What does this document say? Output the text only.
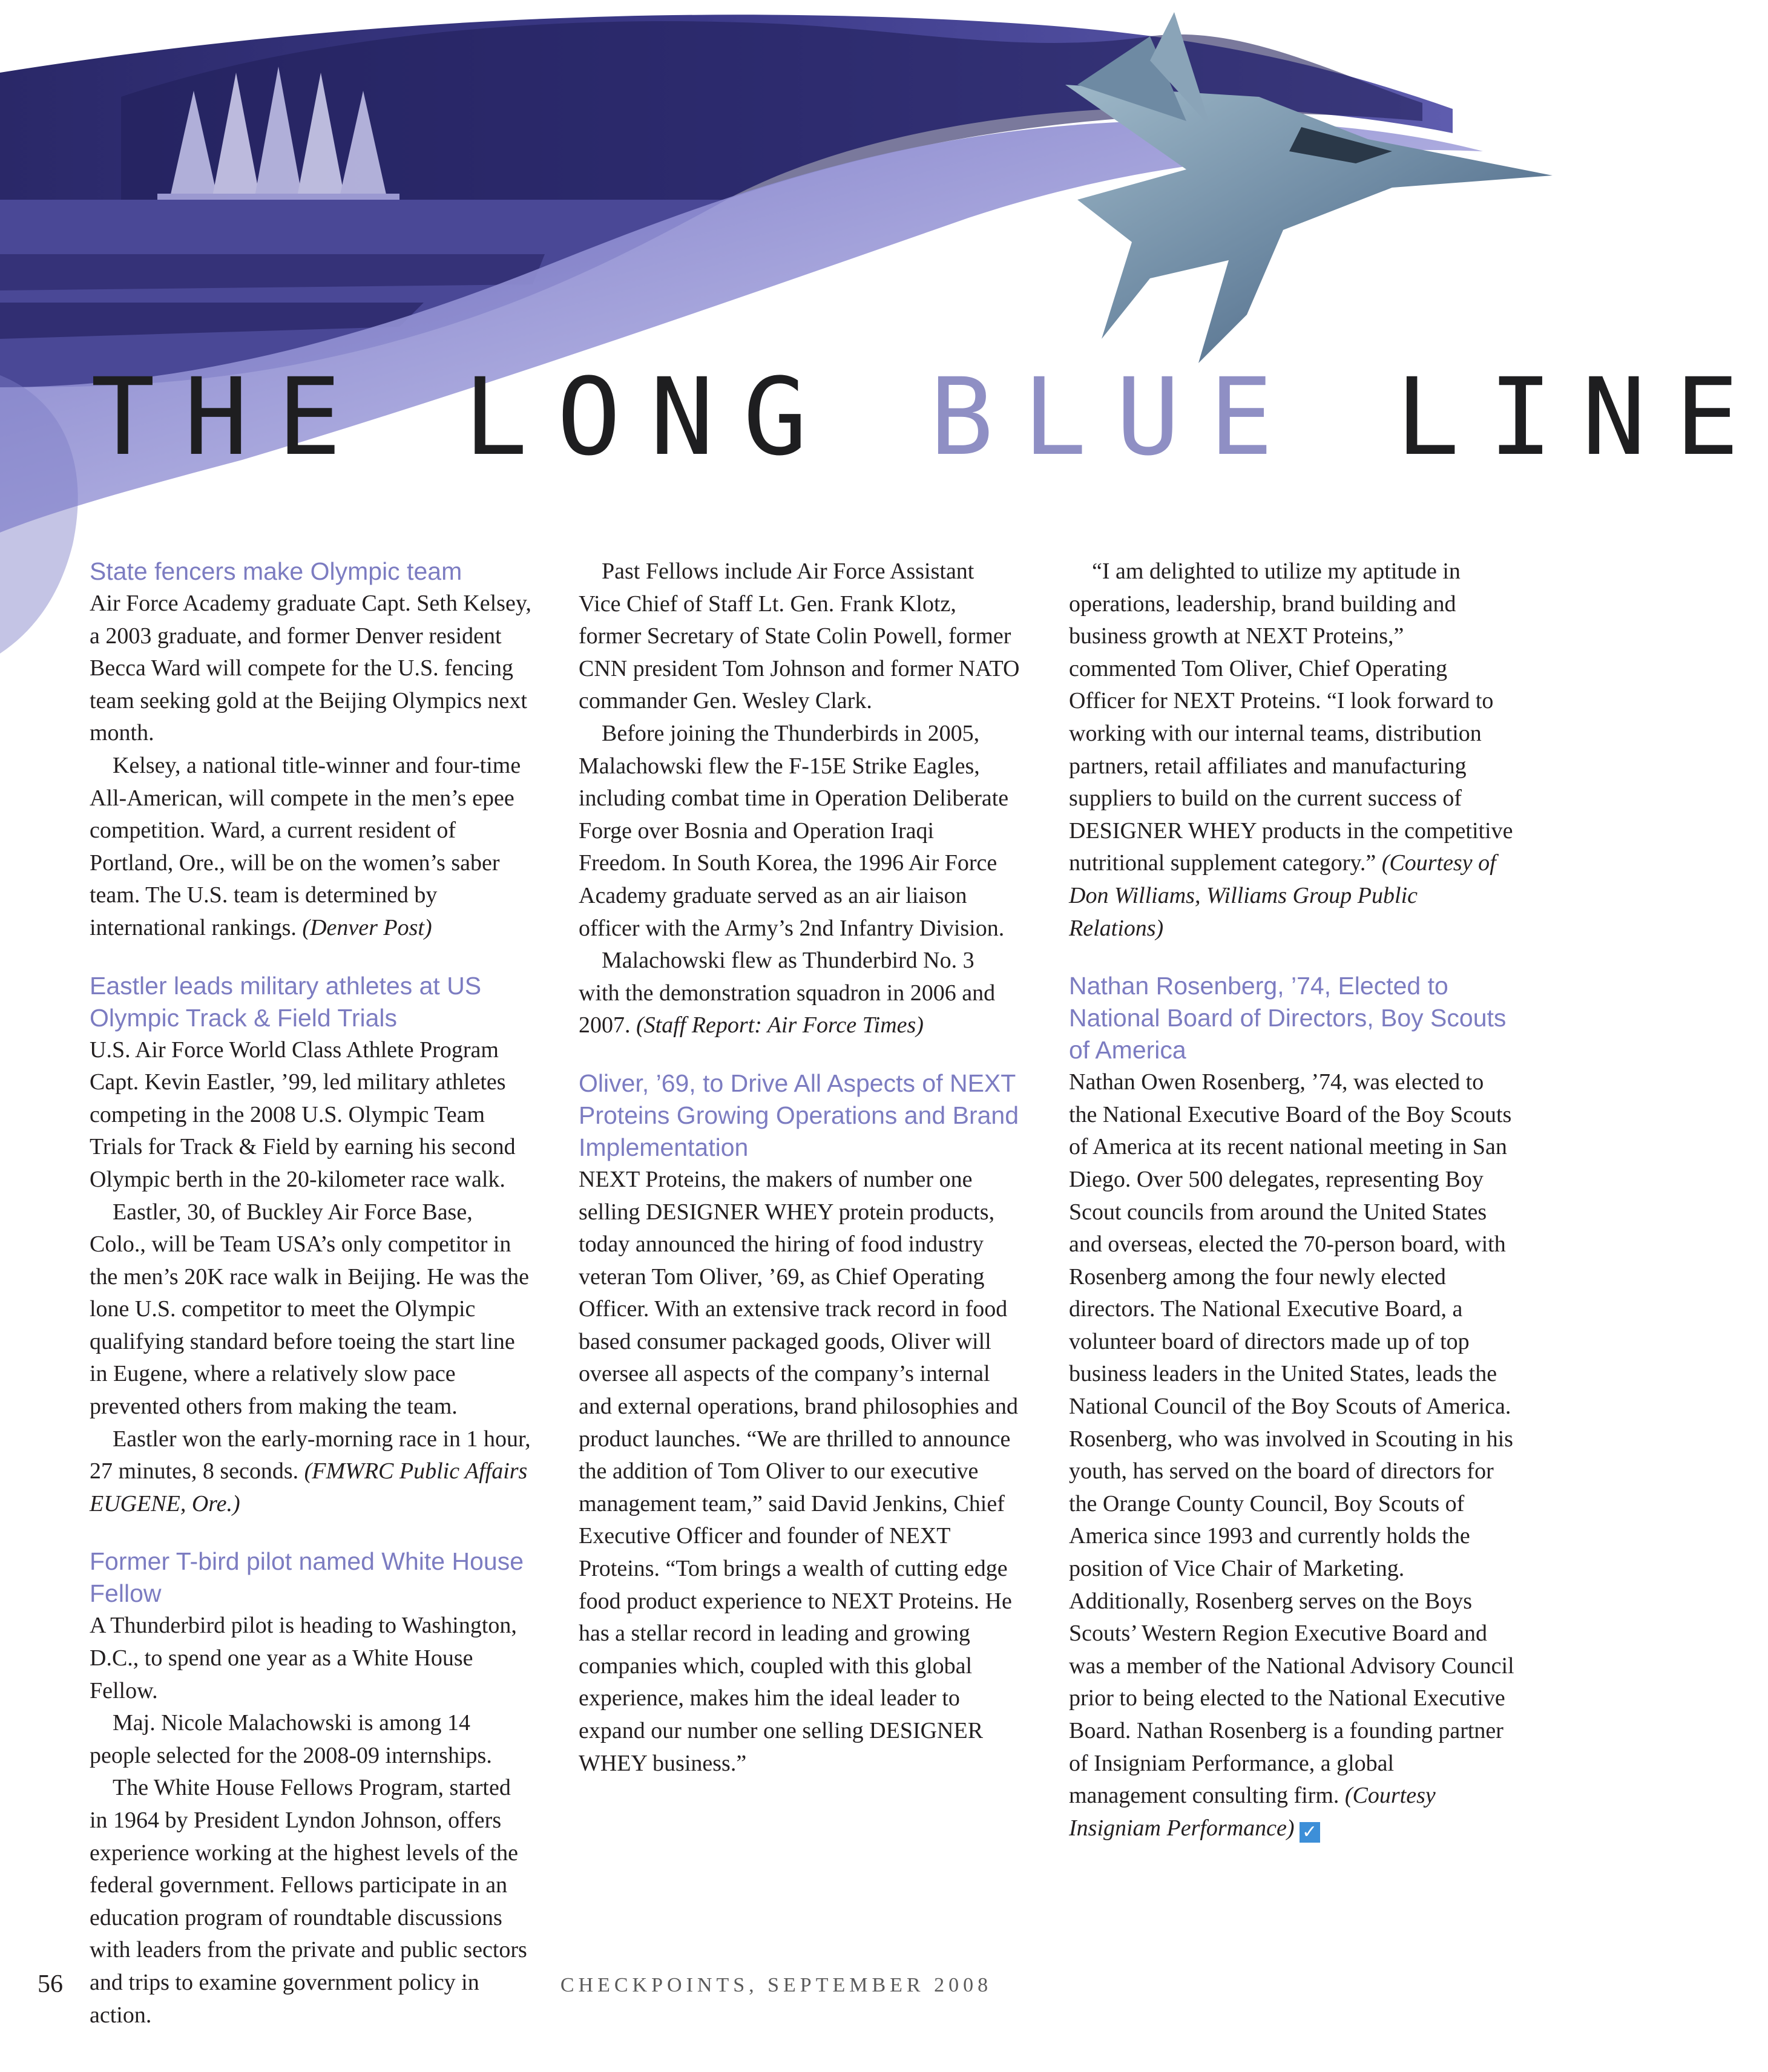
THE LONG BLUE LINE
State fencers make Olympic team

Air Force Academy graduate Capt. Seth Kelsey, a 2003 graduate, and former Denver resident Becca Ward will compete for the U.S. fencing team seeking gold at the Beijing Olympics next month.

Kelsey, a national title-winner and four-time All-American, will compete in the men’s epee competition. Ward, a current resident of Portland, Ore., will be on the women’s saber team. The U.S. team is determined by international rankings. (Denver Post)

Eastler leads military athletes at US Olympic Track & Field Trials

U.S. Air Force World Class Athlete Program Capt. Kevin Eastler, ’99, led military athletes competing in the 2008 U.S. Olympic Team Trials for Track & Field by earning his second Olympic berth in the 20-kilometer race walk.

Eastler, 30, of Buckley Air Force Base, Colo., will be Team USA’s only competitor in the men’s 20K race walk in Beijing. He was the lone U.S. competitor to meet the Olympic qualifying standard before toeing the start line in Eugene, where a relatively slow pace prevented others from making the team.

Eastler won the early-morning race in 1 hour, 27 minutes, 8 seconds. (FMWRC Public Affairs EUGENE, Ore.)

Former T-bird pilot named White House Fellow

A Thunderbird pilot is heading to Washington, D.C., to spend one year as a White House Fellow.

Maj. Nicole Malachowski is among 14 people selected for the 2008-09 internships.

The White House Fellows Program, started in 1964 by President Lyndon Johnson, offers experience working at the highest levels of the federal government. Fellows participate in an education program of roundtable discussions with leaders from the private and public sectors and trips to examine government policy in action.

Past Fellows include Air Force Assistant Vice Chief of Staff Lt. Gen. Frank Klotz, former Secretary of State Colin Powell, former CNN president Tom Johnson and former NATO commander Gen. Wesley Clark.

Before joining the Thunderbirds in 2005, Malachowski flew the F-15E Strike Eagles, including combat time in Operation Deliberate Forge over Bosnia and Operation Iraqi Freedom. In South Korea, the 1996 Air Force Academy graduate served as an air liaison officer with the Army’s 2nd Infantry Division.

Malachowski flew as Thunderbird No. 3 with the demonstration squadron in 2006 and 2007. (Staff Report: Air Force Times)

Oliver, ’69, to Drive All Aspects of NEXT Proteins Growing Operations and Brand Implementation

NEXT Proteins, the makers of number one selling DESIGNER WHEY protein products, today announced the hiring of food industry veteran Tom Oliver, ’69, as Chief Operating Officer. With an extensive track record in food based consumer packaged goods, Oliver will oversee all aspects of the company’s internal and external operations, brand philosophies and product launches. “We are thrilled to announce the addition of Tom Oliver to our executive management team,” said David Jenkins, Chief Executive Officer and founder of NEXT Proteins. “Tom brings a wealth of cutting edge food product experience to NEXT Proteins. He has a stellar record in leading and growing companies which, coupled with this global experience, makes him the ideal leader to expand our number one selling DESIGNER WHEY business.”

“I am delighted to utilize my aptitude in operations, leadership, brand building and business growth at NEXT Proteins,” commented Tom Oliver, Chief Operating Officer for NEXT Proteins. “I look forward to working with our internal teams, distribution partners, retail affiliates and manufacturing suppliers to build on the current success of DESIGNER WHEY products in the competitive nutritional supplement category.” (Courtesy of Don Williams, Williams Group Public Relations)

Nathan Rosenberg, ’74, Elected to National Board of Directors, Boy Scouts of America

Nathan Owen Rosenberg, ’74, was elected to the National Executive Board of the Boy Scouts of America at its recent national meeting in San Diego. Over 500 delegates, representing Boy Scout councils from around the United States and overseas, elected the 70-person board, with Rosenberg among the four newly elected directors. The National Executive Board, a volunteer board of directors made up of top business leaders in the United States, leads the National Council of the Boy Scouts of America. Rosenberg, who was involved in Scouting in his youth, has served on the board of directors for the Orange County Council, Boy Scouts of America since 1993 and currently holds the position of Vice Chair of Marketing. Additionally, Rosenberg serves on the Boys Scouts’ Western Region Executive Board and was a member of the National Advisory Council prior to being elected to the National Executive Board. Nathan Rosenberg is a founding partner of Insigniam Performance, a global management consulting firm. (Courtesy Insigniam Performance) ✓

56	CHECKPOINTS, SEPTEMBER 2008
